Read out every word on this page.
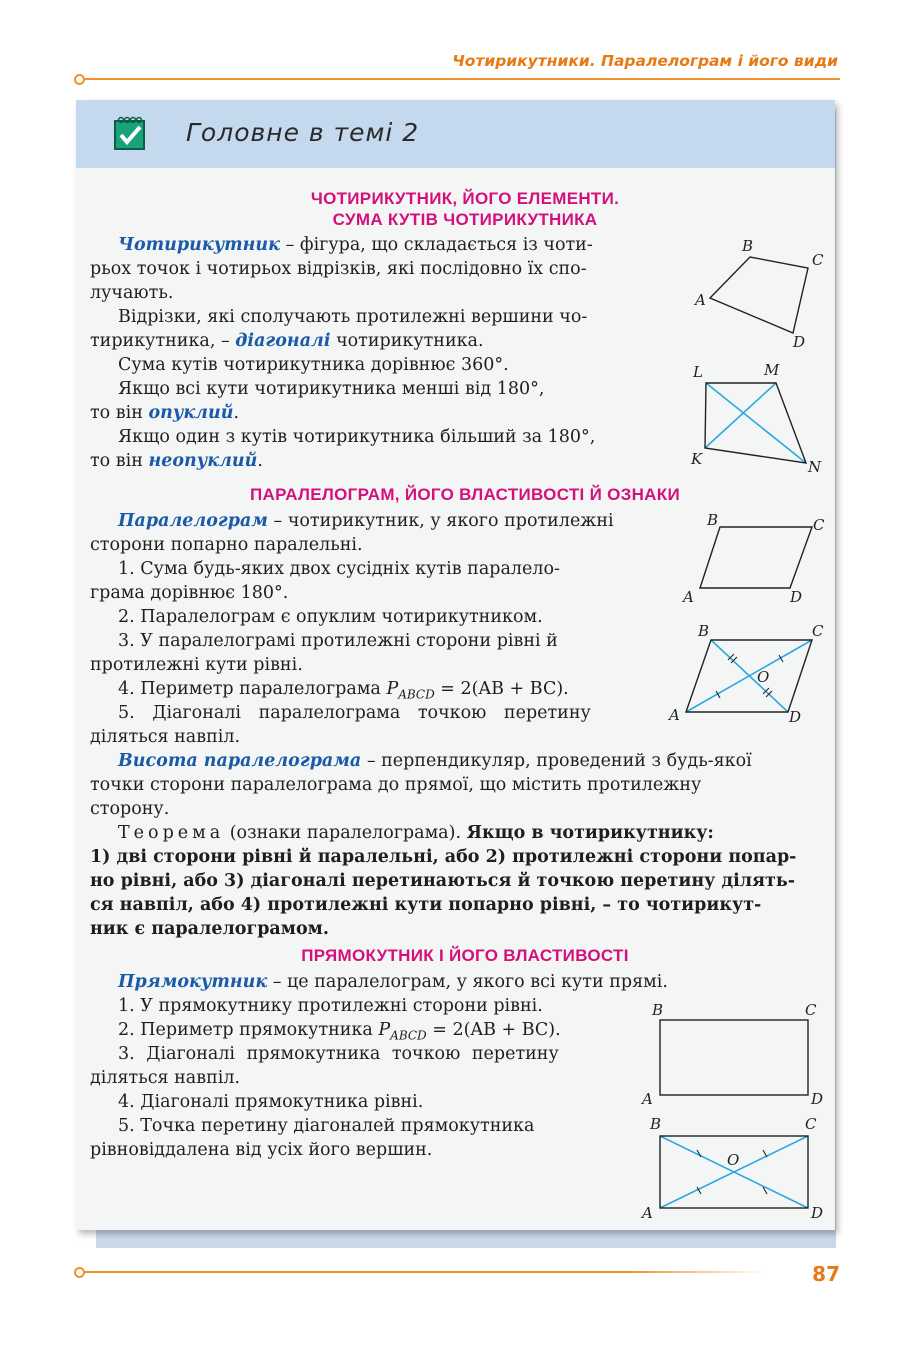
Чотирикутники. Паралелограм і його види
Головне в темі 2
ЧОТИРИКУТНИК, ЙОГО ЕЛЕМЕНТИ.
СУМА КУТІВ ЧОТИРИКУТНИКА
Чотирикутник – фігура, що складається із чоти-
рьох точок і чотирьох відрізків, які послідовно їх спо-
лучають.
Відрізки, які сполучають протилежні вершини чо-
тирикутника, – діагоналі чотирикутника.
Сума кутів чотирикутника дорівнює 360°.
Якщо всі кути чотирикутника менші від 180°,
то він опуклий.
Якщо один з кутів чотирикутника більший за 180°,
то він неопуклий.
A
B
C
D
L	M
K	N
ПАРАЛЕЛОГРАМ, ЙОГО ВЛАСТИВОСТІ Й ОЗНАКИ
Паралелограм – чотирикутник, у якого протилежні
сторони попарно паралельні.
1. Сума будь-яких двох сусідніх кутів паралело-
грама дорівнює 180°.
2. Паралелограм є опуклим чотирикутником.
3. У паралелограмі протилежні сторони рівні й
протилежні кути рівні.
4. Периметр паралелограма $P_{ABCD} = 2(AB + BC)$.
5. Діагоналі паралелограма точкою перетину
діляться навпіл.
Висота паралелограма – перпендикуляр, проведений з будь-якої
точки сторони паралелограма до прямої, що містить протилежну
сторону.
Теорема (ознаки паралелограма). Якщо в чотирикутнику:
1) дві сторони рівні й паралельні, або 2) протилежні сторони попар-
но рівні, або 3) діагоналі перетинаються й точкою перетину ділять-
ся навпіл, або 4) протилежні кути попарно рівні, – то чотирикут-
ник є паралелограмом.
A
B	C
D
A
B	C
D
O
ПРЯМОКУТНИК І ЙОГО ВЛАСТИВОСТІ
Прямокутник – це паралелограм, у якого всі кути прямі.
1. У прямокутнику протилежні сторони рівні.
2. Периметр прямокутника $P_{ABCD} = 2(AB + BC)$.
3. Діагоналі прямокутника точкою перетину
діляться навпіл.
4. Діагоналі прямокутника рівні.
5. Точка перетину діагоналей прямокутника
рівновіддалена від усіх його вершин.
B	C
A	D
B	C
A	D
O
87
